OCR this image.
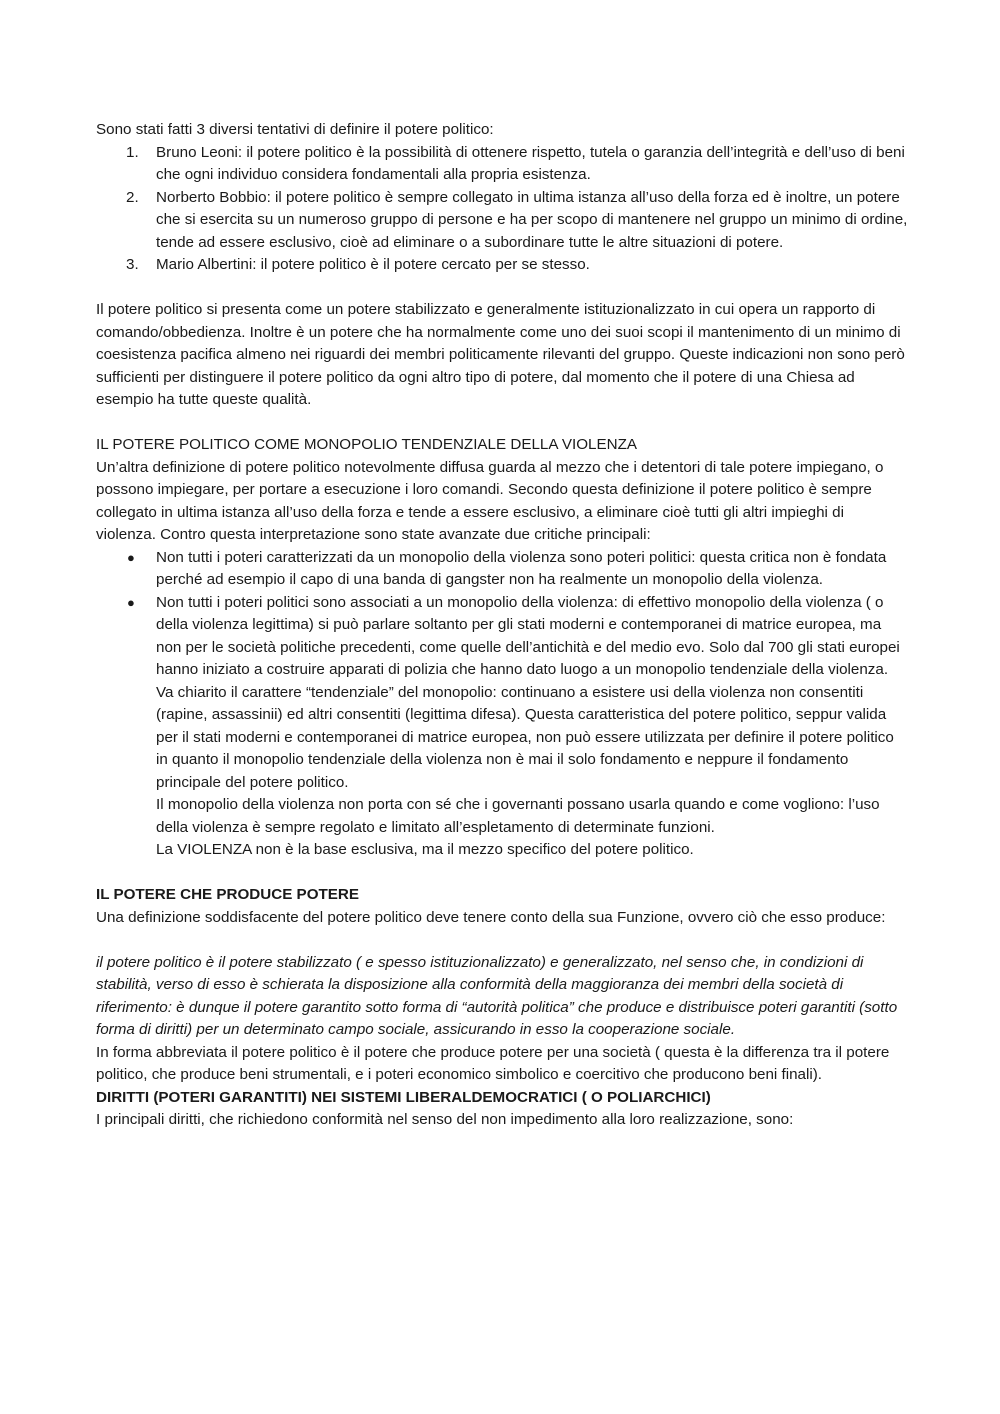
Sono stati fatti 3 diversi tentativi di definire il potere politico:

1. Bruno Leoni: il potere politico è la possibilità di ottenere rispetto, tutela o garanzia dell’integrità e dell’uso di beni che ogni individuo considera fondamentali alla propria esistenza.
2. Norberto Bobbio: il potere politico è sempre collegato in ultima istanza all’uso della forza ed è inoltre, un potere che si esercita su un numeroso gruppo di persone e ha per scopo di mantenere nel gruppo un minimo di ordine, tende ad essere esclusivo, cioè ad eliminare o a subordinare tutte le altre situazioni di potere.
3. Mario Albertini: il potere politico è il potere cercato per se stesso.

Il potere politico si presenta come un potere stabilizzato e generalmente istituzionalizzato in cui opera un rapporto di comando/obbedienza. Inoltre è un potere che ha normalmente come uno dei suoi scopi il mantenimento di un minimo di coesistenza pacifica almeno nei riguardi dei membri politicamente rilevanti del gruppo. Queste indicazioni non sono però sufficienti per distinguere il potere politico da ogni altro tipo di potere, dal momento che il potere di una Chiesa ad esempio ha tutte queste qualità.

IL POTERE POLITICO COME MONOPOLIO TENDENZIALE DELLA VIOLENZA

Un’altra definizione di potere politico notevolmente diffusa guarda al mezzo che i detentori di tale potere impiegano, o possono impiegare, per portare a esecuzione i loro comandi. Secondo questa definizione il potere politico è sempre collegato in ultima istanza all’uso della forza e tende a essere esclusivo, a eliminare cioè tutti gli altri impieghi di violenza. Contro questa interpretazione sono state avanzate due critiche principali:

● Non tutti i poteri caratterizzati da un monopolio della violenza sono poteri politici: questa critica non è fondata perché ad esempio il capo di una banda di gangster non ha realmente un monopolio della violenza.
● Non tutti i poteri politici sono associati a un monopolio della violenza: di effettivo monopolio della violenza ( o della violenza legittima) si può parlare soltanto per gli stati moderni e contemporanei di matrice europea, ma non per le società politiche precedenti, come quelle dell’antichità e del medio evo. Solo dal 700 gli stati europei hanno iniziato a costruire apparati di polizia che hanno dato luogo a un monopolio tendenziale della violenza. Va chiarito il carattere “tendenziale” del monopolio: continuano a esistere usi della violenza non consentiti (rapine, assassinii) ed altri consentiti (legittima difesa). Questa caratteristica del potere politico, seppur valida per il stati moderni e contemporanei di matrice europea, non può essere utilizzata per definire il potere politico in quanto il monopolio tendenziale della violenza non è mai il solo fondamento e neppure il fondamento principale del potere politico.

Il monopolio della violenza non porta con sé che i governanti possano usarla quando e come vogliono: l’uso della violenza è sempre regolato e limitato all’espletamento di determinate funzioni.

La VIOLENZA non è la base esclusiva, ma il mezzo specifico del potere politico.

IL POTERE CHE PRODUCE POTERE

Una definizione soddisfacente del potere politico deve tenere conto della sua Funzione, ovvero ciò che esso produce:

il potere politico è il potere stabilizzato ( e spesso istituzionalizzato) e generalizzato, nel senso che, in condizioni di stabilità, verso di esso è schierata la disposizione alla conformità della maggioranza dei membri della società di riferimento: è dunque il potere garantito sotto forma di “autorità politica” che produce e distribuisce poteri garantiti (sotto forma di diritti) per un determinato campo sociale, assicurando in esso la cooperazione sociale.

In forma abbreviata il potere politico è il potere che produce potere per una società ( questa è la differenza tra il potere politico, che produce beni strumentali, e i poteri economico simbolico e coercitivo che producono beni finali).

DIRITTI (POTERI GARANTITI) NEI SISTEMI LIBERALDEMOCRATICI ( O POLIARCHICI)

I principali diritti, che richiedono conformità nel senso del non impedimento alla loro realizzazione, sono:
